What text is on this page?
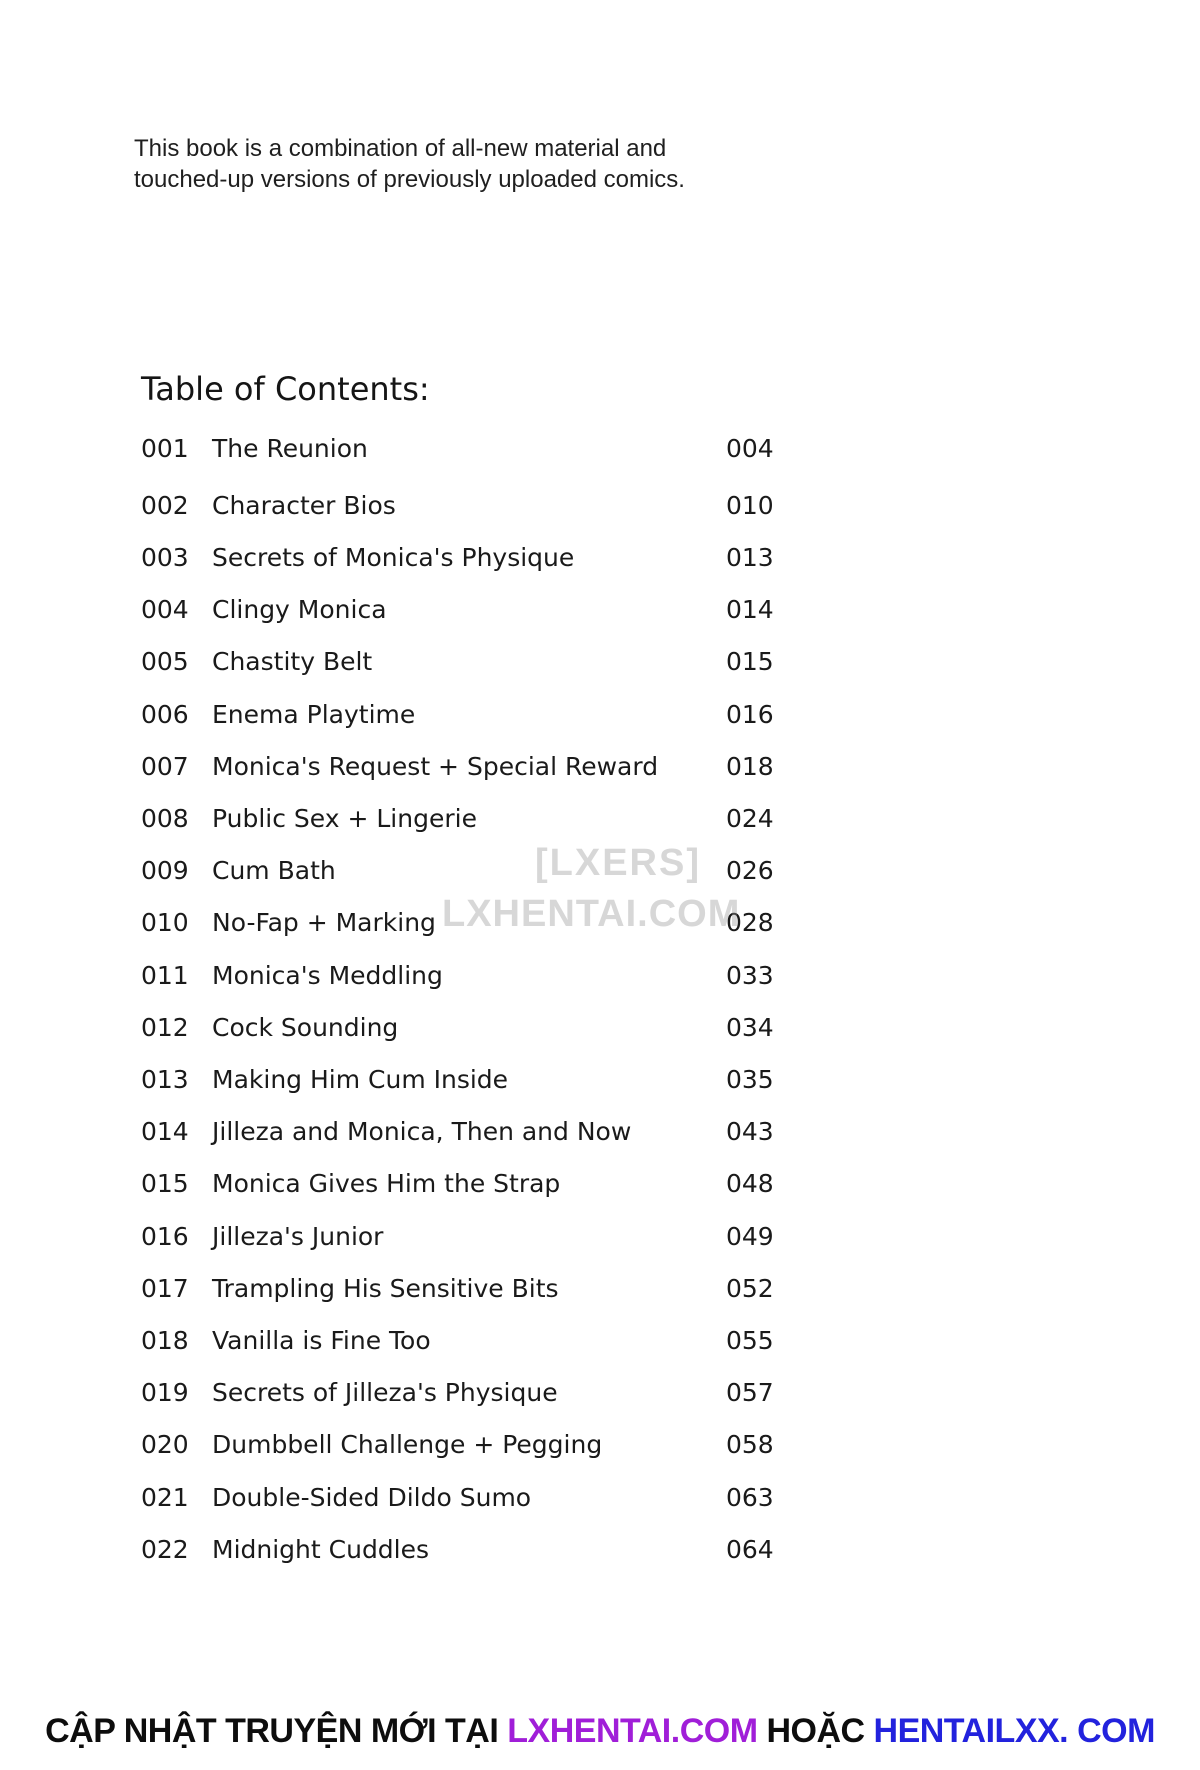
This book is a combination of all-new material and
touched-up versions of previously uploaded comics.
Table of Contents:
001 The Reunion	004
002 Character Bios	010
003 Secrets of Monica's Physique	013
004 Clingy Monica	014
005 Chastity Belt	015
006 Enema Playtime	016
007 Monica's Request + Special Reward	018
008 Public Sex + Lingerie	024
009 Cum Bath	026
010 No-Fap + Marking	028
011 Monica's Meddling	033
012 Cock Sounding	034
013 Making Him Cum Inside	035
014 Jilleza and Monica, Then and Now	043
015 Monica Gives Him the Strap	048
016 Jilleza's Junior	049
017 Trampling His Sensitive Bits	052
018 Vanilla is Fine Too	055
019 Secrets of Jilleza's Physique	057
020 Dumbbell Challenge + Pegging	058
021 Double-Sided Dildo Sumo	063
022 Midnight Cuddles	064
[LXERS]
LXHENTAI.COM
CẬP NHẬT TRUYỆN MỚI TẠI LXHENTAI.COM HOẶC HENTAILXX. COM
